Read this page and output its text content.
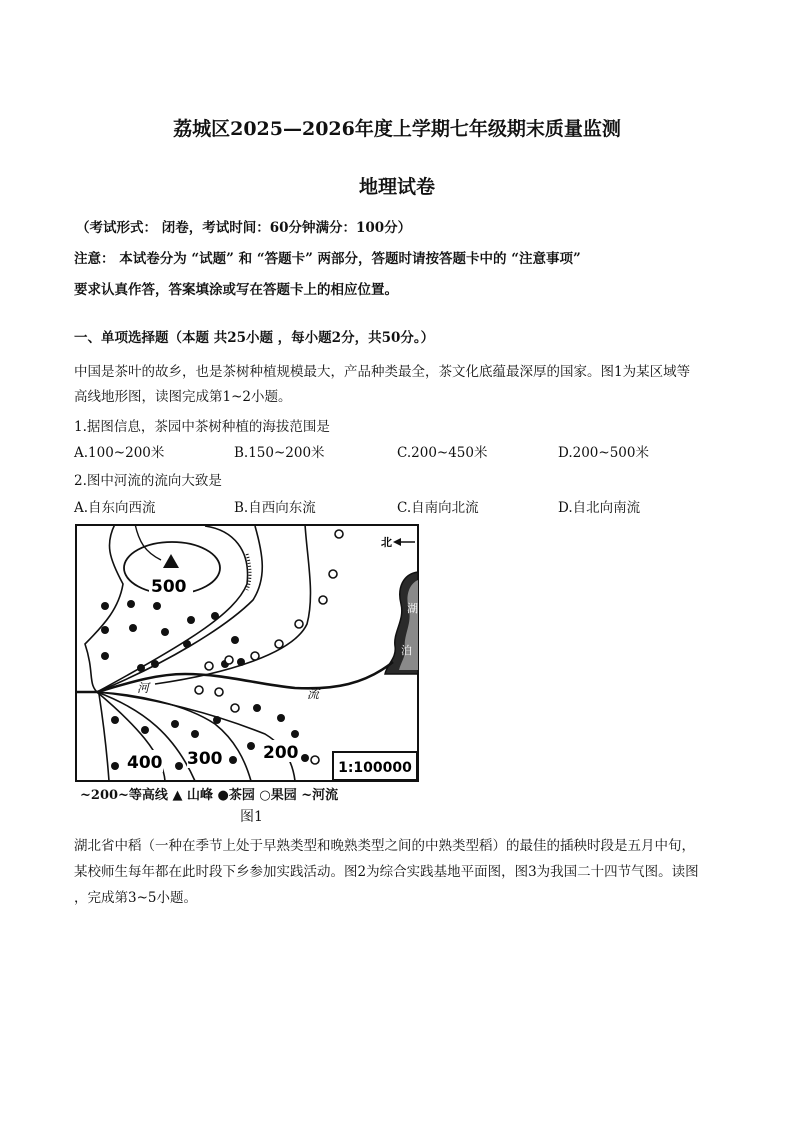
荔城区2025—2026年度上学期七年级期末质量监测
地理试卷
（考试形式： 闭卷，考试时间：60分钟满分：100分）
注意： 本试卷分为 “试题” 和 “答题卡” 两部分，答题时请按答题卡中的 “注意事项”
要求认真作答，答案填涂或写在答题卡上的相应位置。
一、单项选择题（本题 共25小题 ，每小题2分，共50分。）
中国是茶叶的故乡，也是茶树种植规模最大，产品种类最全，茶文化底蕴最深厚的国家。图1为某区域等
高线地形图，读图完成第1~2小题。
1.据图信息，茶园中茶树种植的海拔范围是
A.100~200米	B.150~200米	C.200~450米	D.200~500米
2.图中河流的流向大致是
A.自东向西流	B.自西向东流	C.自南向北流	D.自北向南流
湖
泊
北
500
河	流
400 300 200
1:100000
~200~等高线 ▲ 山峰 ●茶园 ○果园 ~河流
图1
湖北省中稻（一种在季节上处于早熟类型和晚熟类型之间的中熟类型稻）的最佳的插秧时段是五月中旬，
某校师生每年都在此时段下乡参加实践活动。图2为综合实践基地平面图，图3为我国二十四节气图。读图
，完成第3~5小题。
